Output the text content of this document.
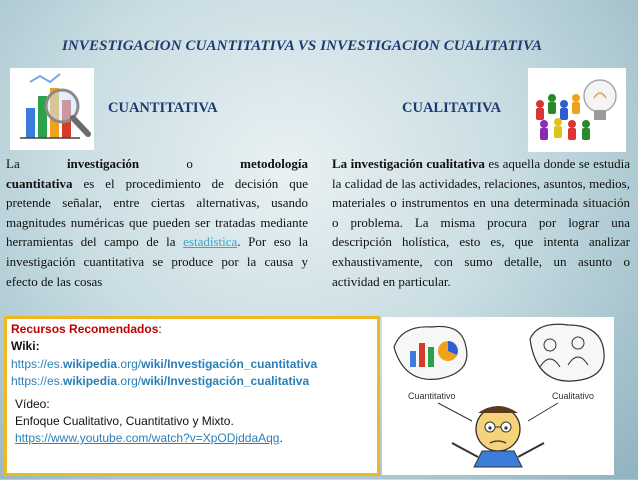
INVESTIGACION CUANTITATIVA VS INVESTIGACION CUALITATIVA
CUANTITATIVA	CUALITATIVA

La	investigación	o	metodología cuantitativa es el procedimiento de decisión que pretende señalar, entre ciertas alternativas, usando magnitudes numéricas que pueden ser tratadas mediante herramientas del campo de la estadística. Por eso la investigación cuantitativa se produce por la causa y efecto de las cosas

La investigación cualitativa es aquella donde se estudia la calidad de las actividades, relaciones, asuntos, medios, materiales o instrumentos en una determinada situación o problema. La misma procura por lograr una descripción holística, esto es, que intenta analizar exhaustivamente, con sumo detalle, un asunto o actividad en particular.

Recursos Recomendados:
Wiki:
https://es.wikipedia.org/wiki/Investigación_cuantitativa
https://es.wikipedia.org/wiki/Investigación_cualitativa
Vídeo:
Enfoque Cualitativo, Cuantitativo y Mixto.
https://www.youtube.com/watch?v=XpODjddaAqg.
Cuantitativo	Cualitativo
